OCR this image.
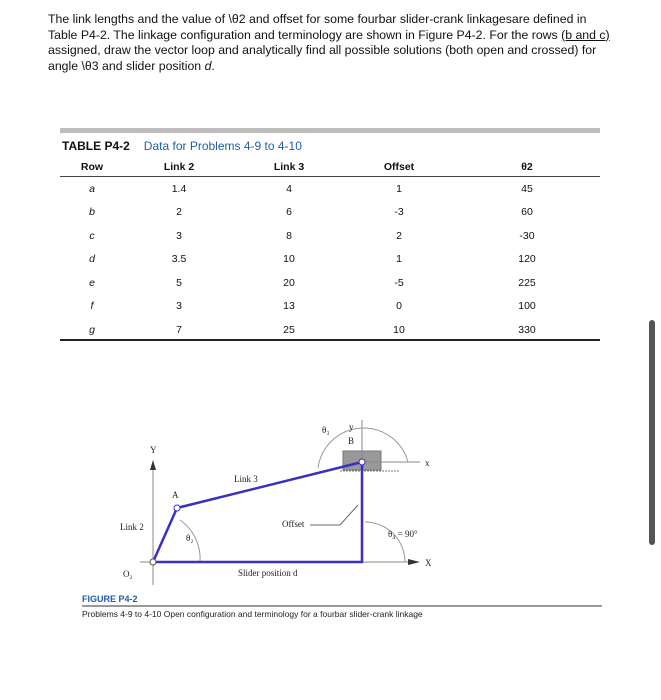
The link lengths and the value of \θ2 and offset for some fourbar slider-crank linkagesare defined in Table P4-2. The linkage configuration and terminology are shown in Figure P4-2. For the rows (b and c) assigned, draw the vector loop and analytically find all possible solutions (both open and crossed) for angle \θ3 and slider position d.
TABLE P4-2 Data for Problems 4-9 to 4-10
Row	Link 2	Link 3	Offset	θ2
a	1.4	4	1	45
b	2	6	-3	60
c	3	8	2	-30
d	3.5	10	1	120
e	5	20	-5	225
f	3	13	0	100
g	7	25	10	330
Y
X
y
x
A
B
Link 2
Link 3
Offset
Slider position d
O₂
θ₂
θ₃
θ₄ = 90°
FIGURE P4-2
Problems 4-9 to 4-10 Open configuration and terminology for a fourbar slider-crank linkage
